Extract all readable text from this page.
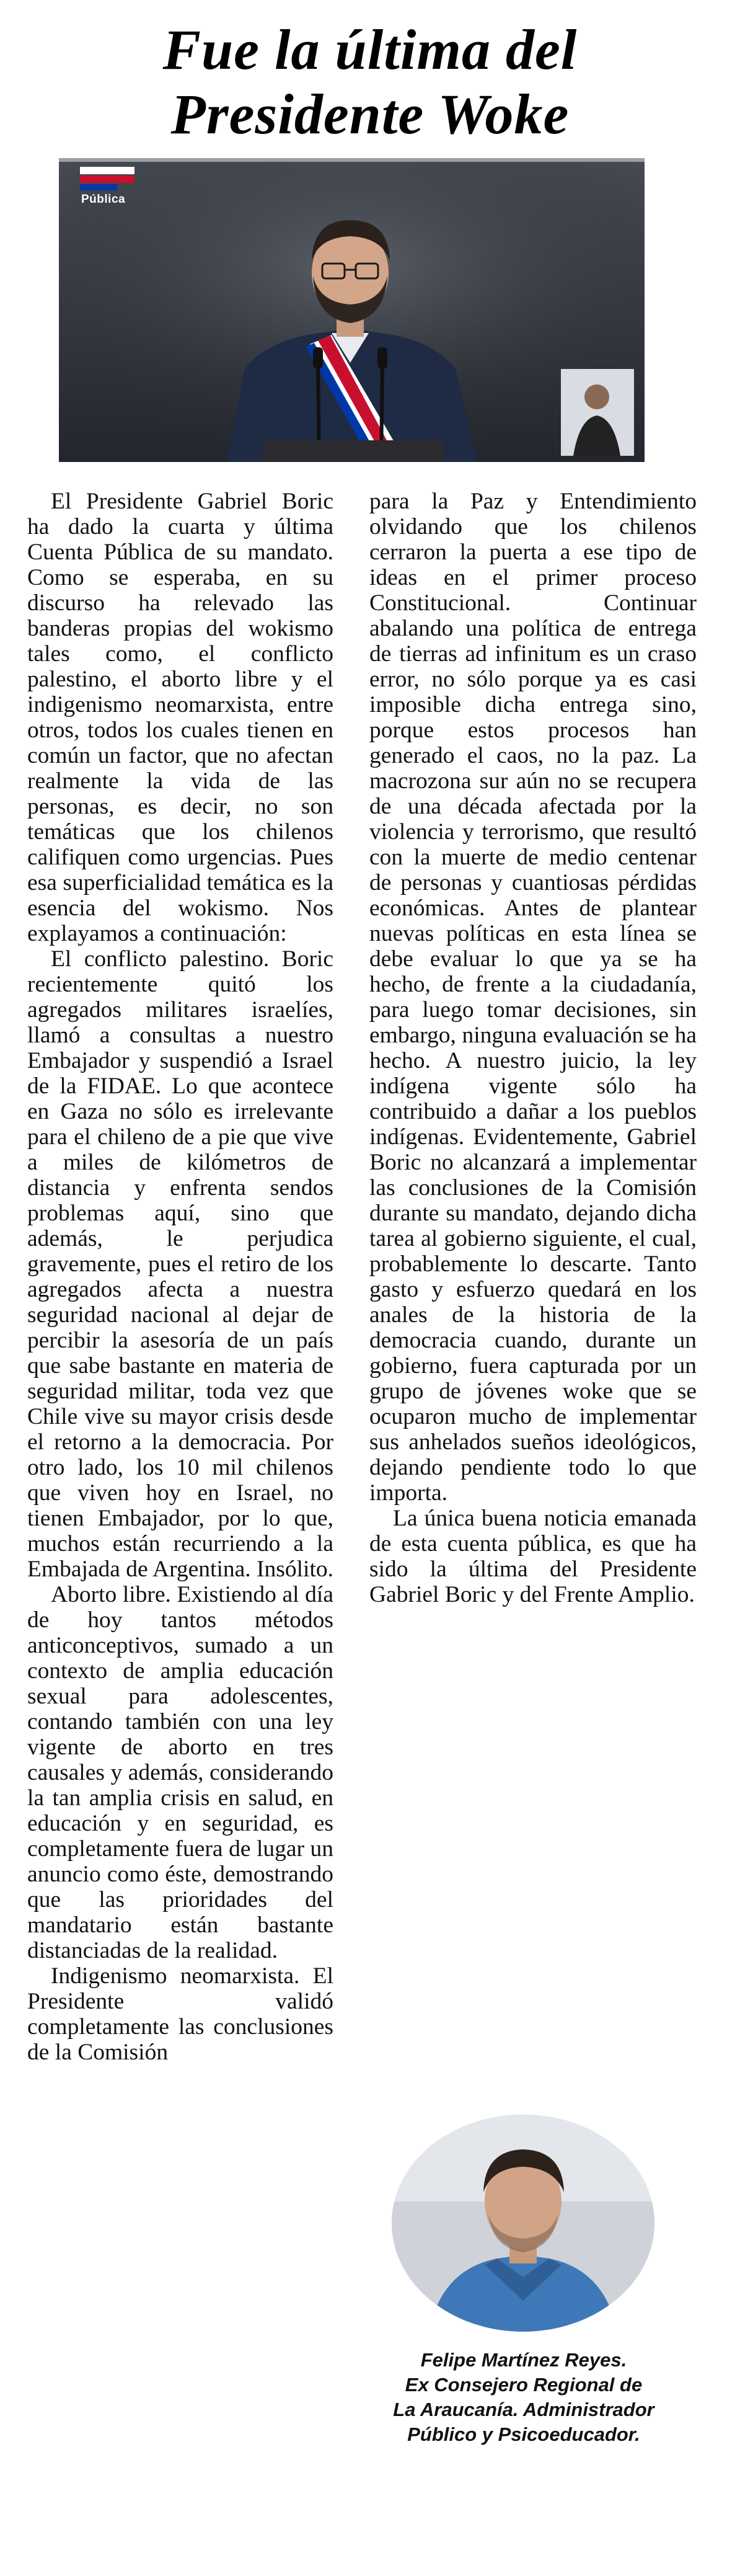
Fue la última del
Presidente Woke
Pública

El Presidente Gabriel Boric ha dado la cuarta y última Cuenta Pública de su mandato. Como se esperaba, en su discurso ha relevado las banderas propias del wokismo tales como, el conflicto palestino, el aborto libre y el indigenismo neomarxista, entre otros, todos los cuales tienen en común un factor, que no afectan realmente la vida de las personas, es decir, no son temáticas que los chilenos califiquen como urgencias. Pues esa superficialidad temática es la esencia del wokismo. Nos explayamos a continuación:

El conflicto palestino. Boric recientemente quitó los agregados militares israelíes, llamó a consultas a nuestro Embajador y suspendió a Israel de la FIDAE. Lo que acontece en Gaza no sólo es irrelevante para el chileno de a pie que vive a miles de kilómetros de distancia y enfrenta sendos problemas aquí, sino que además, le perjudica gravemente, pues el retiro de los agregados afecta a nuestra seguridad nacional al dejar de percibir la asesoría de un país que sabe bastante en materia de seguridad militar, toda vez que Chile vive su mayor crisis desde el retorno a la democracia. Por otro lado, los 10 mil chilenos que viven hoy en Israel, no tienen Embajador, por lo que, muchos están recurriendo a la Embajada de Argentina. Insólito.

Aborto libre. Existiendo al día de hoy tantos métodos anticonceptivos, sumado a un contexto de amplia educación sexual para adolescentes, contando también con una ley vigente de aborto en tres causales y además, considerando la tan amplia crisis en salud, en educación y en seguridad, es completamente fuera de lugar un anuncio como éste, demostrando que las prioridades del mandatario están bastante distanciadas de la realidad.

Indigenismo neomarxista. El Presidente validó completamente las conclusiones de la Comisión

para la Paz y Entendimiento olvidando que los chilenos cerraron la puerta a ese tipo de ideas en el primer proceso Constitucional. Continuar abalando una política de entrega de tierras ad infinitum es un craso error, no sólo porque ya es casi imposible dicha entrega sino, porque estos procesos han generado el caos, no la paz. La macrozona sur aún no se recupera de una década afectada por la violencia y terrorismo, que resultó con la muerte de medio centenar de personas y cuantiosas pérdidas económicas. Antes de plantear nuevas políticas en esta línea se debe evaluar lo que ya se ha hecho, de frente a la ciudadanía, para luego tomar decisiones, sin embargo, ninguna evaluación se ha hecho. A nuestro juicio, la ley indígena vigente sólo ha contribuido a dañar a los pueblos indígenas. Evidentemente, Gabriel Boric no alcanzará a implementar las conclusiones de la Comisión durante su mandato, dejando dicha tarea al gobierno siguiente, el cual, probablemente lo descarte. Tanto gasto y esfuerzo quedará en los anales de la historia de la democracia cuando, durante un gobierno, fuera capturada por un grupo de jóvenes woke que se ocuparon mucho de implementar sus anhelados sueños ideológicos, dejando pendiente todo lo que importa.

La única buena noticia emanada de esta cuenta pública, es que ha sido la última del Presidente Gabriel Boric y del Frente Amplio.

Felipe Martínez Reyes.
Ex Consejero Regional de
La Araucanía. Administrador
Público y Psicoeducador.
